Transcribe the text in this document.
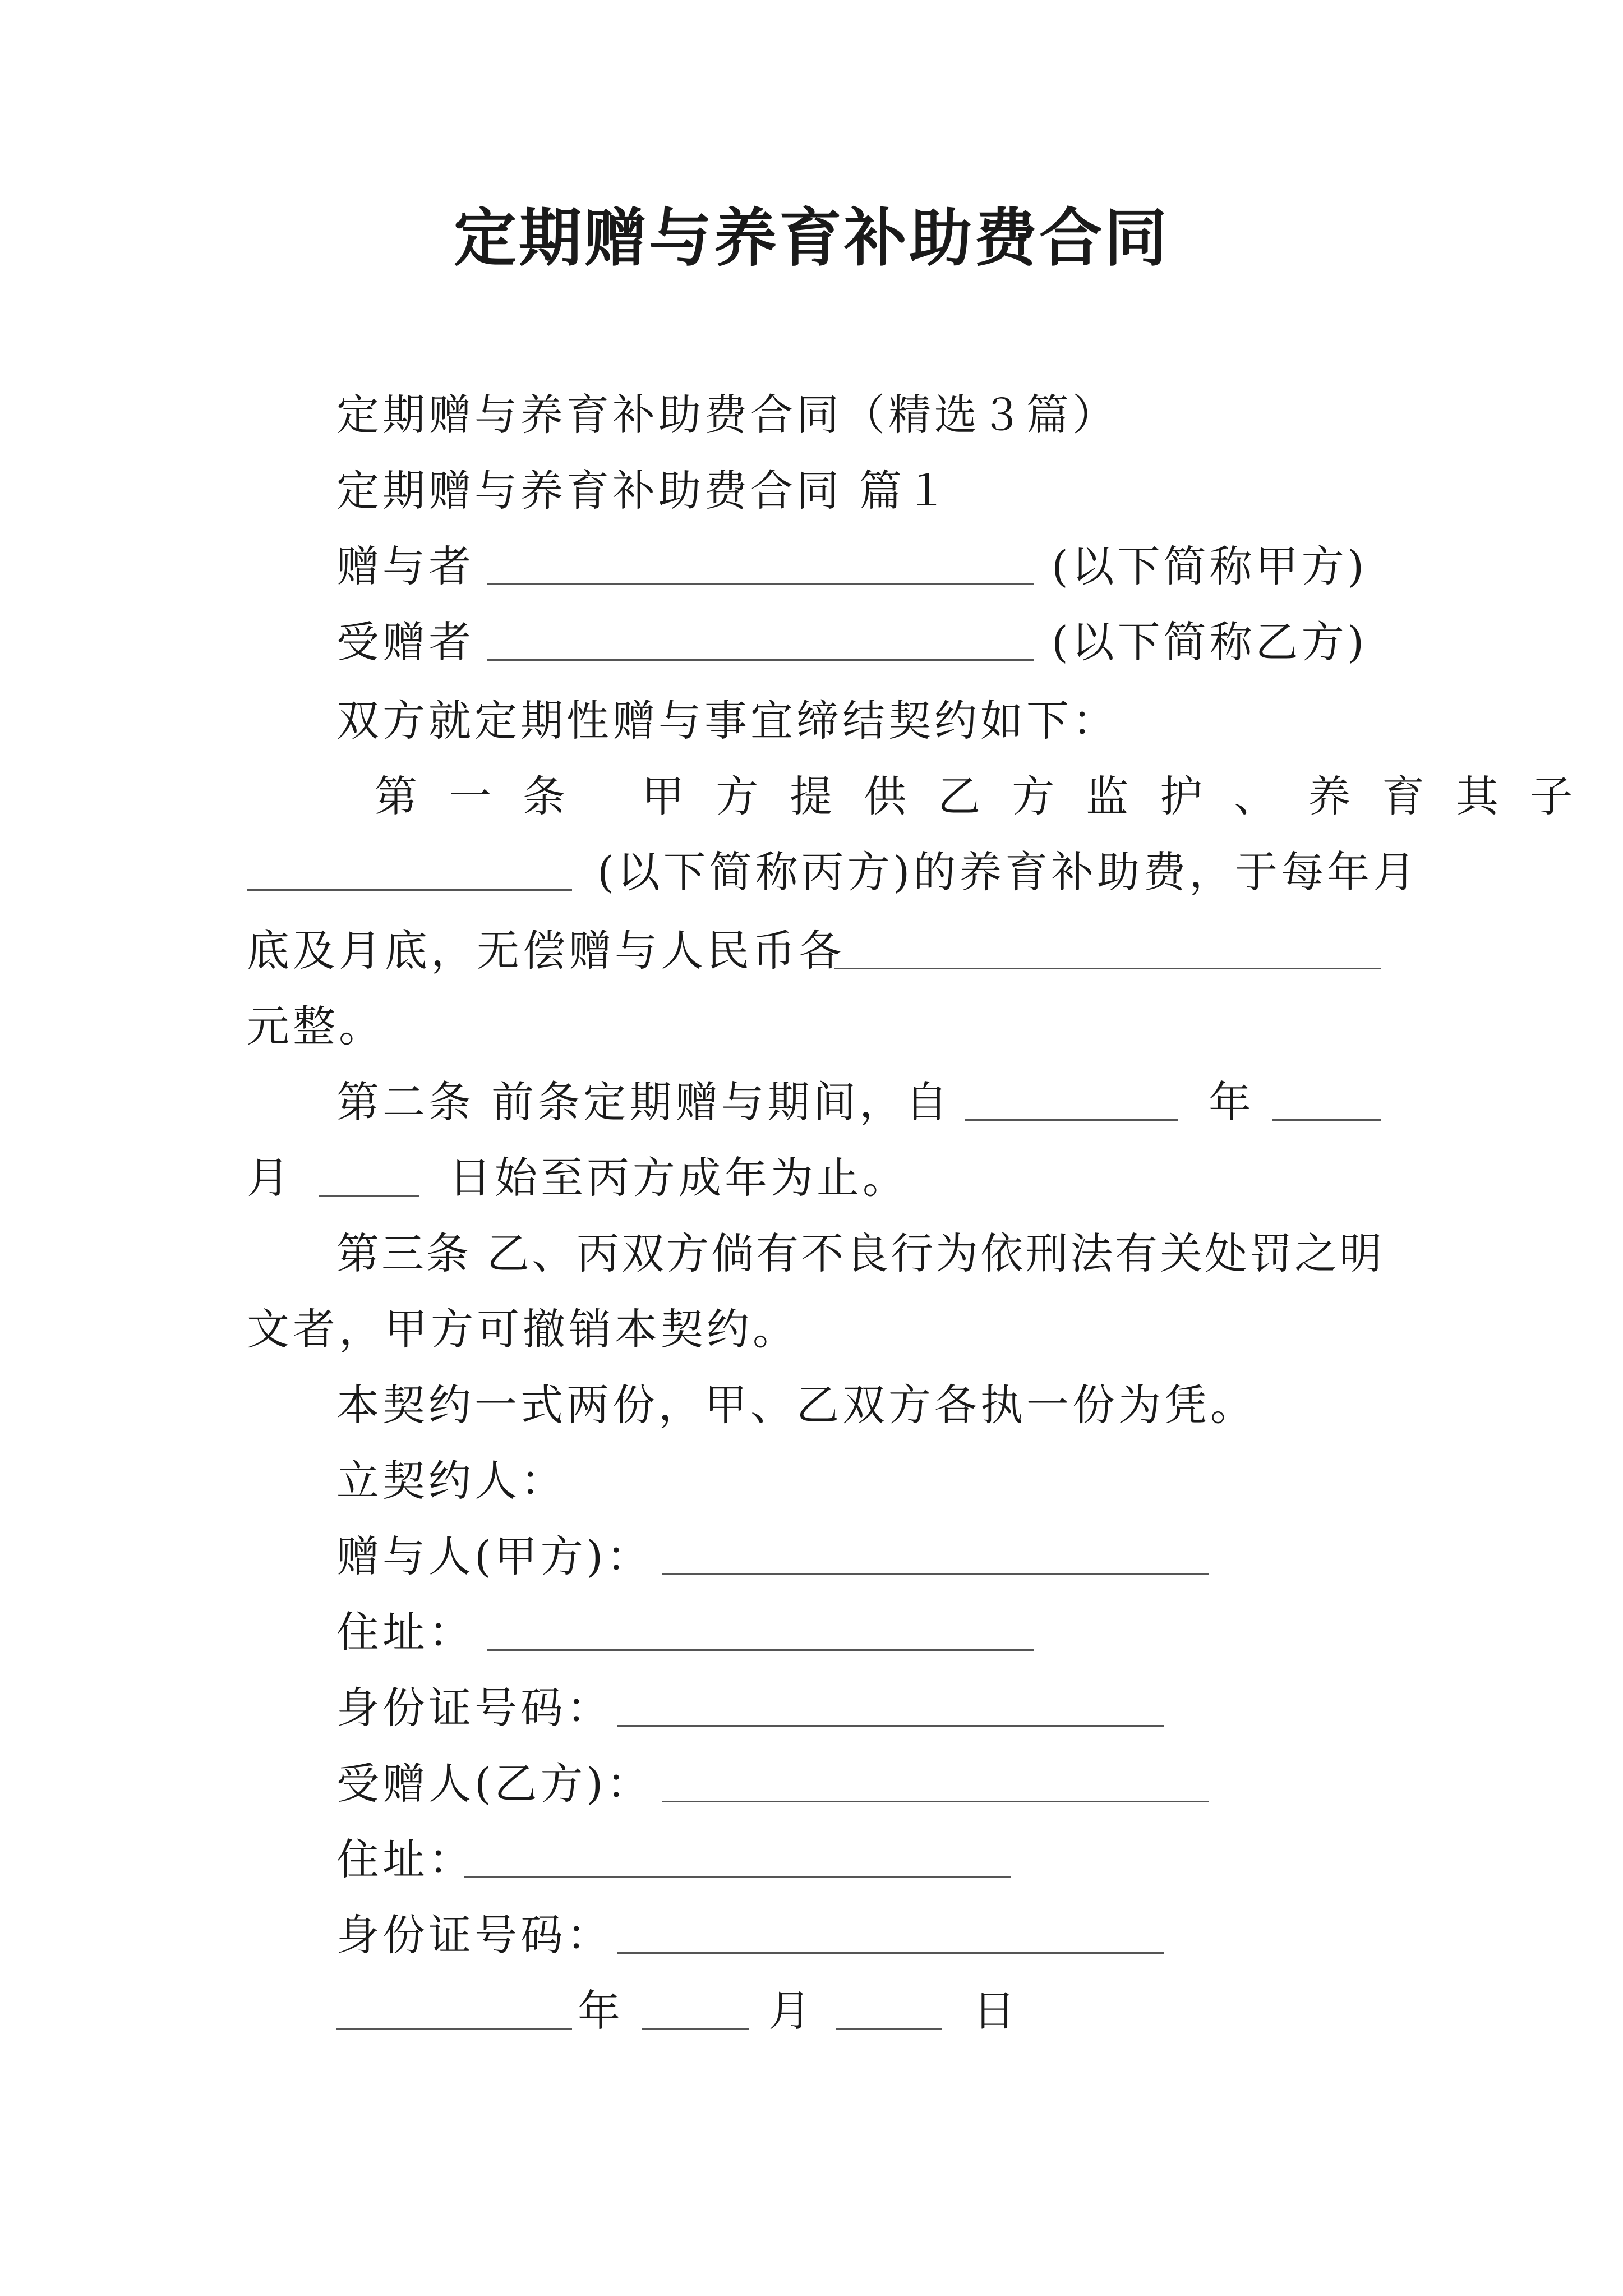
定期赠与养育补助费合同
定期赠与养育补助费合同（精选３篇）
定期赠与养育补助费合同 篇１
赠与者	(以下简称甲方)
受赠者	(以下简称乙方)
双方就定期性赠与事宜缔结契约如下：
第一条 甲方提供乙方监护、养育其子
(以下简称丙方)的养育补助费，于每年月
底及月底，无偿赠与人民币各
元整。
第二条 前条定期赠与期间，自	年
月	日始至丙方成年为止。
第三条 乙、丙双方倘有不良行为依刑法有关处罚之明
文者，甲方可撤销本契约。
本契约一式两份，甲、乙双方各执一份为凭。
立契约人：
赠与人(甲方)：
住址：
身份证号码：
受赠人(乙方)：
住址：
身份证号码：
年	月	日
